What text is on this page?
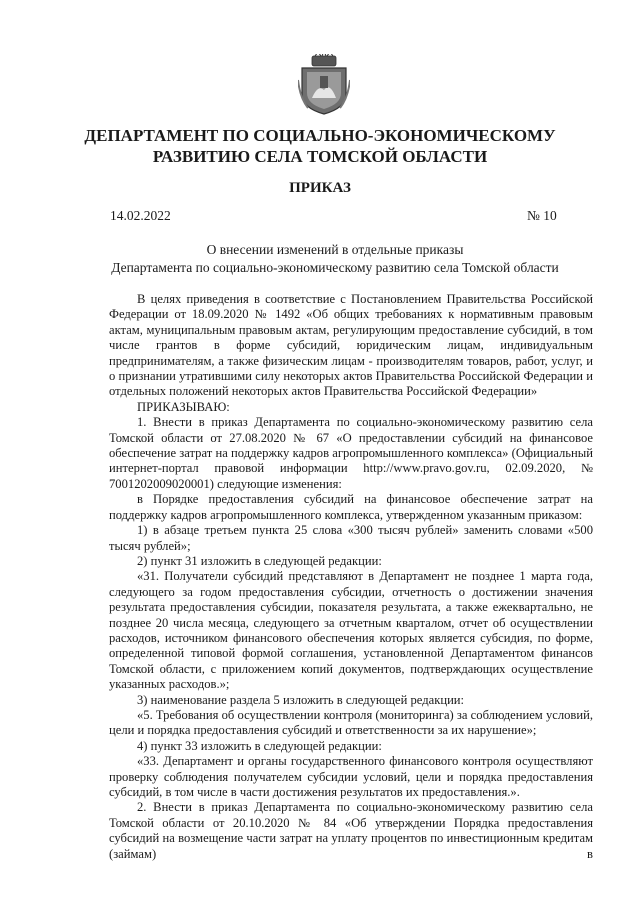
ДЕПАРТАМЕНТ ПО СОЦИАЛЬНО-ЭКОНОМИЧЕСКОМУ
РАЗВИТИЮ СЕЛА ТОМСКОЙ ОБЛАСТИ
ПРИКАЗ
14.02.2022	№ 10
О внесении изменений в отдельные приказы
Департамента по социально-экономическому развитию села Томской области

В целях приведения в соответствие с Постановлением Правительства Российской Федерации от 18.09.2020 № 1492 «Об общих требованиях к нормативным правовым актам, муниципальным правовым актам, регулирующим предоставление субсидий, в том числе грантов в форме субсидий, юридическим лицам, индивидуальным предпринимателям, а также физическим лицам - производителям товаров, работ, услуг, и о признании утратившими силу некоторых актов Правительства Российской Федерации и отдельных положений некоторых актов Правительства Российской Федерации»

ПРИКАЗЫВАЮ:

1. Внести в приказ Департамента по социально-экономическому развитию села Томской области от 27.08.2020 № 67 «О предоставлении субсидий на финансовое обеспечение затрат на поддержку кадров агропромышленного комплекса» (Официальный интернет-портал правовой информации http://www.pravo.gov.ru, 02.09.2020, № 7001202009020001) следующие изменения:

в Порядке предоставления субсидий на финансовое обеспечение затрат на поддержку кадров агропромышленного комплекса, утвержденном указанным приказом:

1) в абзаце третьем пункта 25 слова «300 тысяч рублей» заменить словами «500 тысяч рублей»;

2) пункт 31 изложить в следующей редакции:

«31. Получатели субсидий представляют в Департамент не позднее 1 марта года, следующего за годом предоставления субсидии, отчетность о достижении значения результата предоставления субсидии, показателя результата, а также ежеквартально, не позднее 20 числа месяца, следующего за отчетным кварталом, отчет об осуществлении расходов, источником финансового обеспечения которых является субсидия, по форме, определенной типовой формой соглашения, установленной Департаментом финансов Томской области, с приложением копий документов, подтверждающих осуществление указанных расходов.»;

3) наименование раздела 5 изложить в следующей редакции:

«5. Требования об осуществлении контроля (мониторинга) за соблюдением условий, цели и порядка предоставления субсидий и ответственности за их нарушение»;

4) пункт 33 изложить в следующей редакции:

«33. Департамент и органы государственного финансового контроля осуществляют проверку соблюдения получателем субсидии условий, цели и порядка предоставления субсидий, в том числе в части достижения результатов их предоставления.».

2. Внести в приказ Департамента по социально-экономическому развитию села Томской области от 20.10.2020 № 84 «Об утверждении Порядка предоставления субсидий на возмещение части затрат на уплату процентов по инвестиционным кредитам (займам) в
